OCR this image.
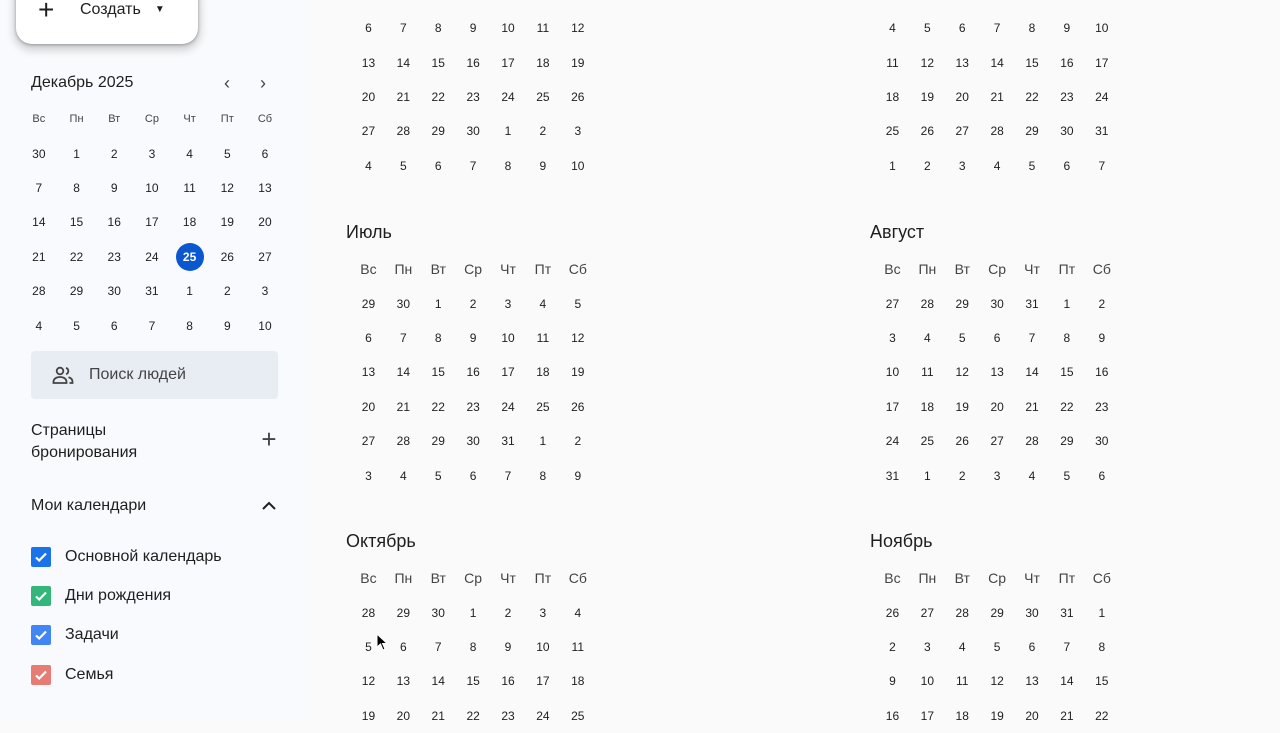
+	Создать ▼
Декабрь 2025	‹	›
Вс	Пн	Вт	Ср	Чт	Пт	Сб
30	1	2	3	4	5	6
7	8	9	10	11	12	13
14	15	16	17	18	19	20
21	22	23	24	25	26	27
28	29	30	31	1	2	3
4	5	6	7	8	9	10
Поиск людей
Страницы бронирования	+
Мои календари
Основной календарь
Дни рождения
Задачи
Семья
6	7	8	9	10	11	12
13	14	15	16	17	18	19
20	21	22	23	24	25	26
27	28	29	30	1	2	3
4	5	6	7	8	9	10
4	5	6	7	8	9	10
11	12	13	14	15	16	17
18	19	20	21	22	23	24
25	26	27	28	29	30	31
1	2	3	4	5	6	7
Июль
Вс	Пн	Вт	Ср	Чт	Пт	Сб
29	30	1	2	3	4	5
6	7	8	9	10	11	12
13	14	15	16	17	18	19
20	21	22	23	24	25	26
27	28	29	30	31	1	2
3	4	5	6	7	8	9
Август
Вс	Пн	Вт	Ср	Чт	Пт	Сб
27	28	29	30	31	1	2
3	4	5	6	7	8	9
10	11	12	13	14	15	16
17	18	19	20	21	22	23
24	25	26	27	28	29	30
31	1	2	3	4	5	6
Октябрь
Вс	Пн	Вт	Ср	Чт	Пт	Сб
28	29	30	1	2	3	4
5	6	7	8	9	10	11
12	13	14	15	16	17	18
19	20	21	22	23	24	25
Ноябрь
Вс	Пн	Вт	Ср	Чт	Пт	Сб
26	27	28	29	30	31	1
2	3	4	5	6	7	8
9	10	11	12	13	14	15
16	17	18	19	20	21	22
